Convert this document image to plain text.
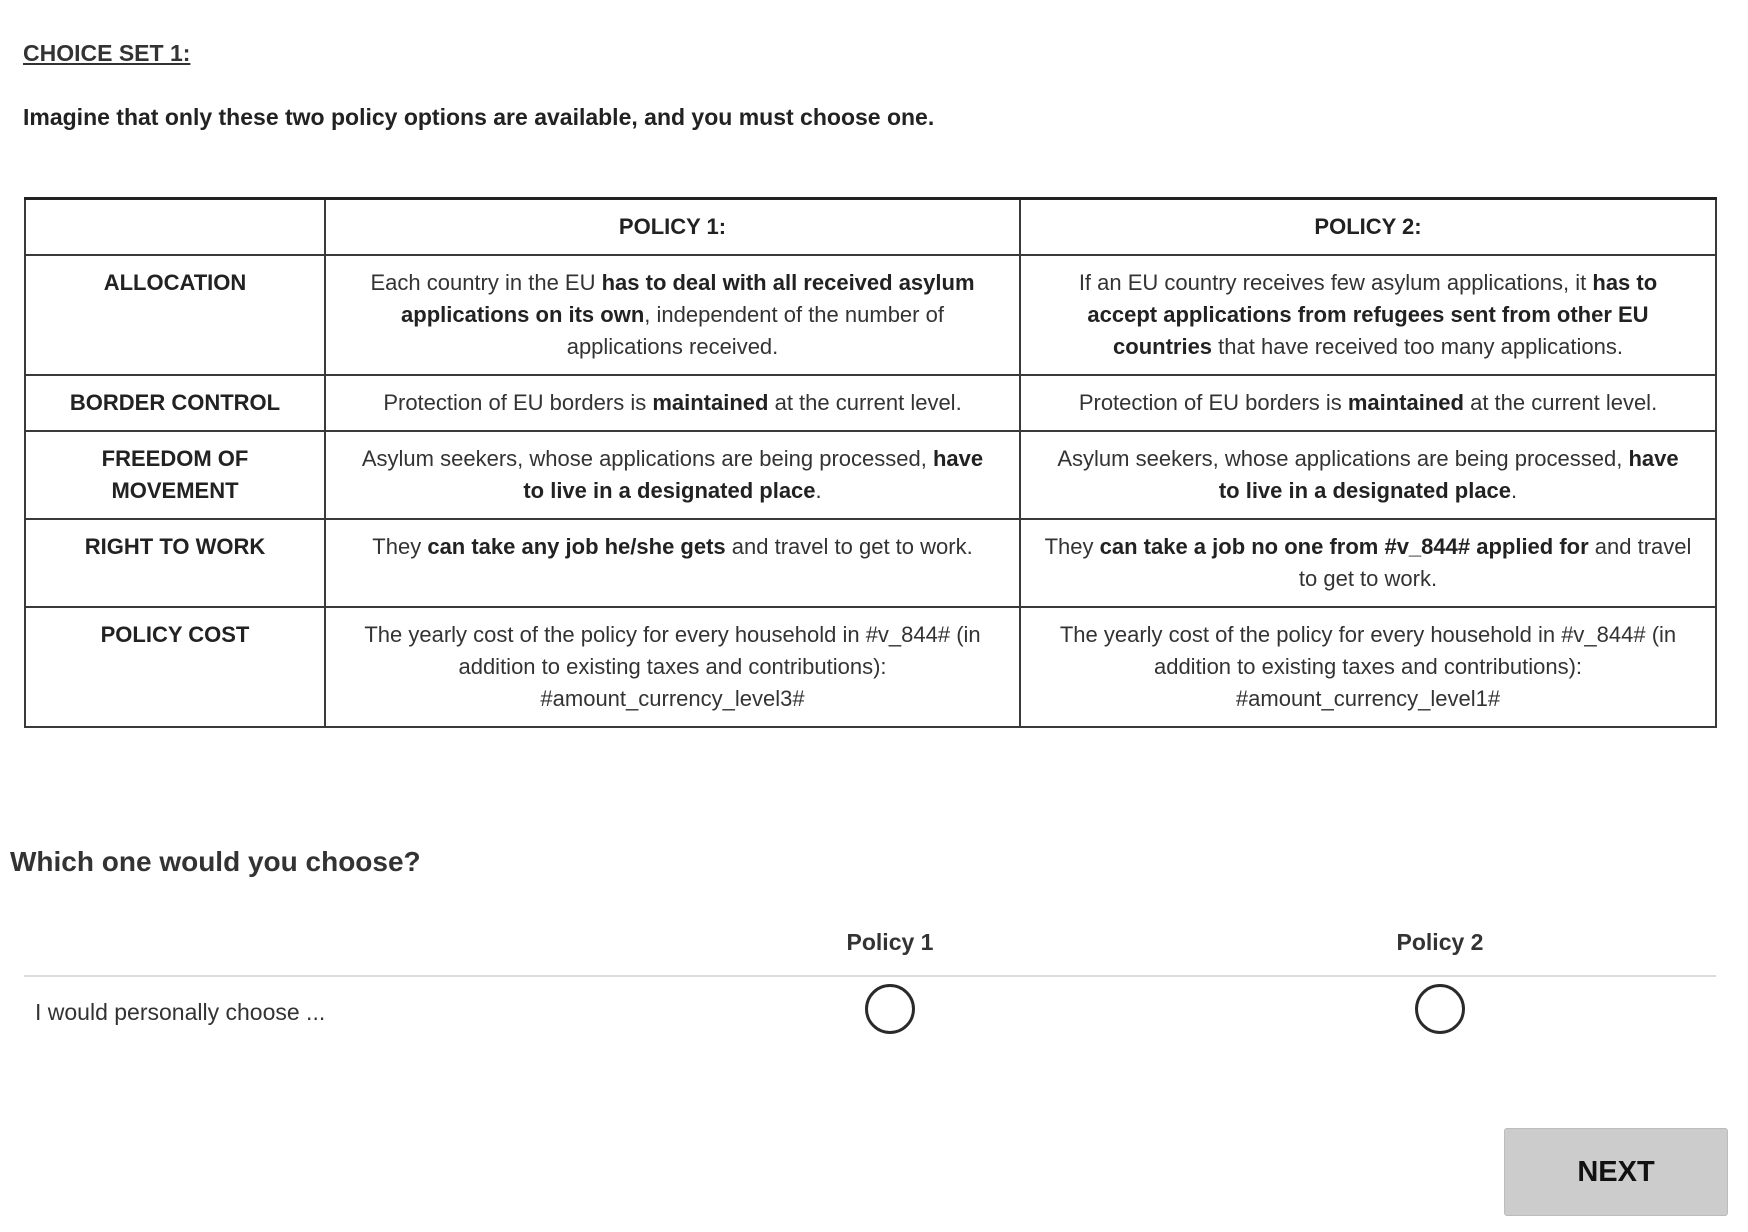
CHOICE SET 1:
Imagine that only these two policy options are available, and you must choose one.
	POLICY 1:	POLICY 2:
ALLOCATION	Each country in the EU has to deal with all received asylum applications on its own, independent of the number of applications received.	If an EU country receives few asylum applications, it has to accept applications from refugees sent from other EU countries that have received too many applications.
BORDER CONTROL	Protection of EU borders is maintained at the current level.	Protection of EU borders is maintained at the current level.
FREEDOM OF MOVEMENT	Asylum seekers, whose applications are being processed, have to live in a designated place.	Asylum seekers, whose applications are being processed, have to live in a designated place.
RIGHT TO WORK	They can take any job he/she gets and travel to get to work.	They can take a job no one from #v_844# applied for and travel to get to work.
POLICY COST	The yearly cost of the policy for every household in #v_844# (in addition to existing taxes and contributions): #amount_currency_level3#	The yearly cost of the policy for every household in #v_844# (in addition to existing taxes and contributions): #amount_currency_level1#
Which one would you choose?
Policy 1	Policy 2
I would personally choose ...
NEXT
